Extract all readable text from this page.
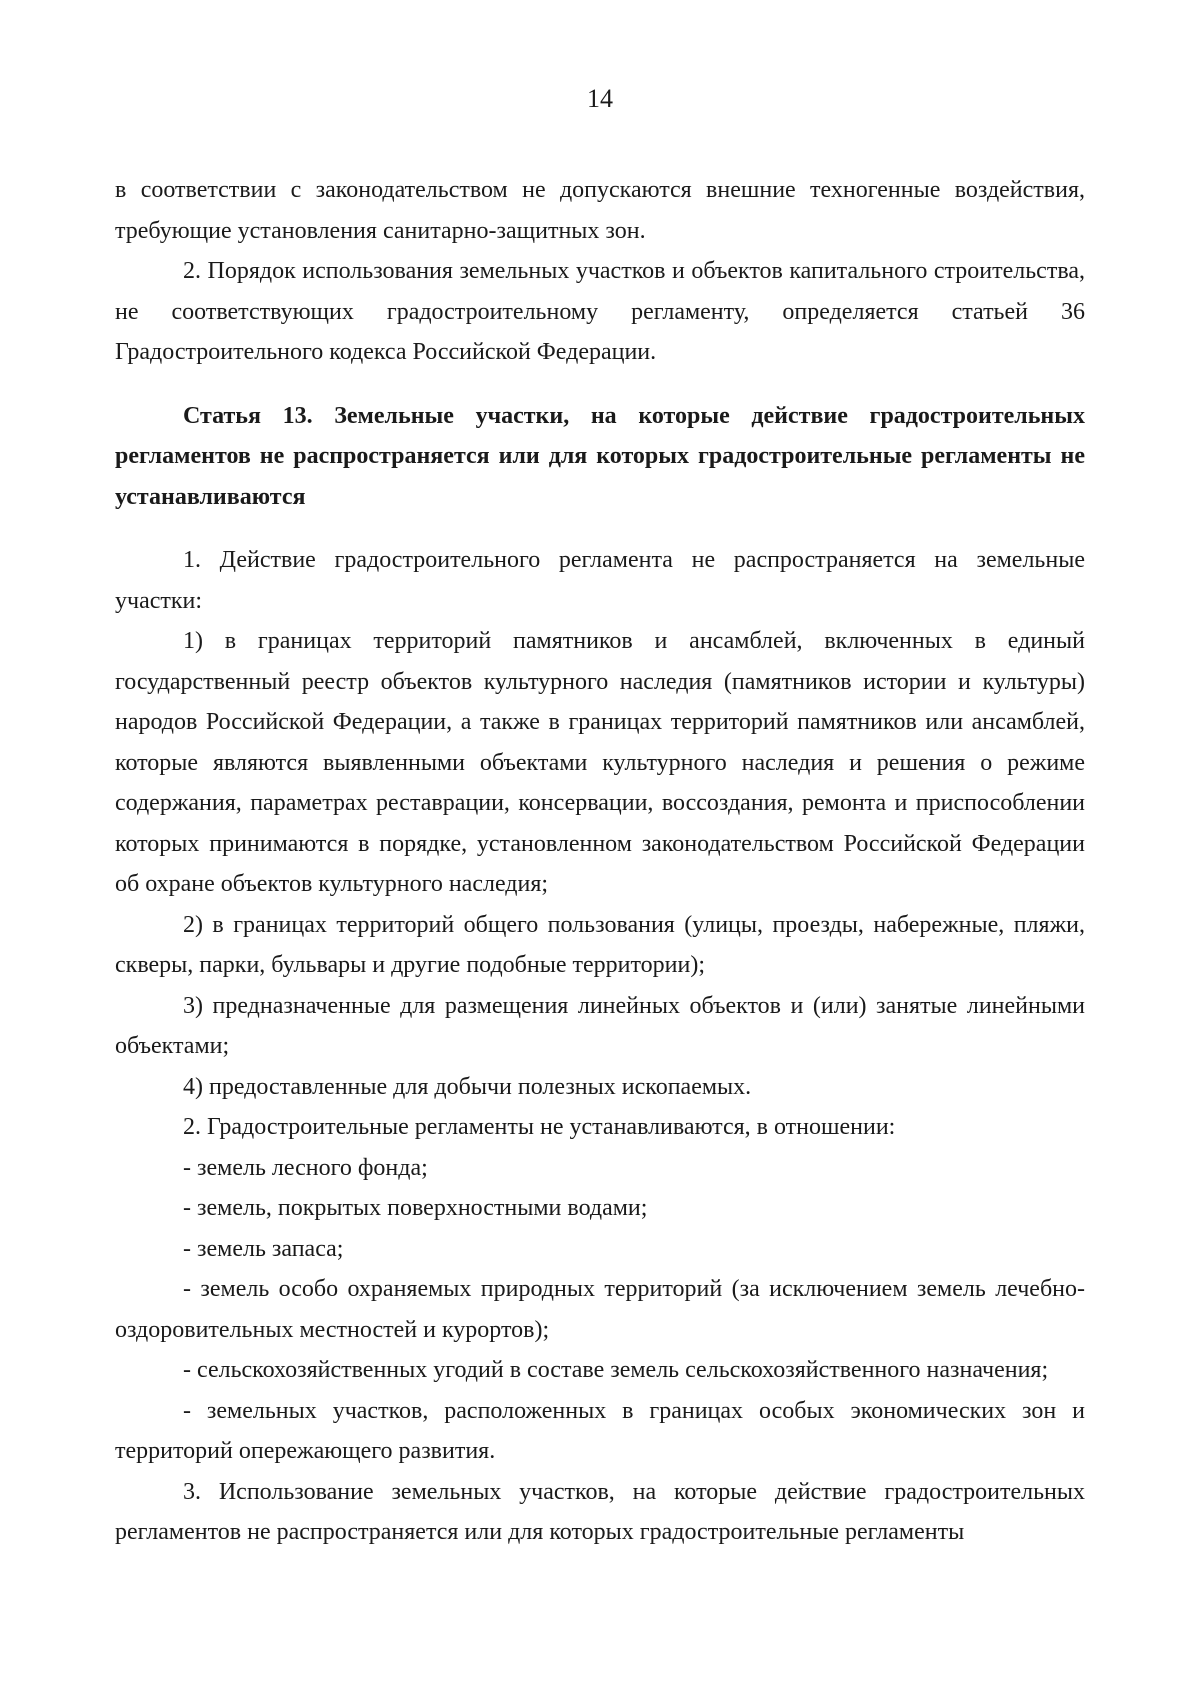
14

в соответствии с законодательством не допускаются внешние техногенные воздействия, требующие установления санитарно-защитных зон.

2. Порядок использования земельных участков и объектов капитального строительства, не соответствующих градостроительному регламенту, определяется статьей 36 Градостроительного кодекса Российской Федерации.

Статья 13. Земельные участки, на которые действие градостроительных регламентов не распространяется или для которых градостроительные регламенты не устанавливаются

1. Действие градостроительного регламента не распространяется на земельные участки:

1) в границах территорий памятников и ансамблей, включенных в единый государственный реестр объектов культурного наследия (памятников истории и культуры) народов Российской Федерации, а также в границах территорий памятников или ансамблей, которые являются выявленными объектами культурного наследия и решения о режиме содержания, параметрах реставрации, консервации, воссоздания, ремонта и приспособлении которых принимаются в порядке, установленном законодательством Российской Федерации об охране объектов культурного наследия;

2) в границах территорий общего пользования (улицы, проезды, набережные, пляжи, скверы, парки, бульвары и другие подобные территории);

3) предназначенные для размещения линейных объектов и (или) занятые линейными объектами;

4) предоставленные для добычи полезных ископаемых.

2. Градостроительные регламенты не устанавливаются, в отношении:

- земель лесного фонда;

- земель, покрытых поверхностными водами;

- земель запаса;

- земель особо охраняемых природных территорий (за исключением земель лечебно-оздоровительных местностей и курортов);

- сельскохозяйственных угодий в составе земель сельскохозяйственного назначения;

- земельных участков, расположенных в границах особых экономических зон и территорий опережающего развития.

3. Использование земельных участков, на которые действие градостроительных регламентов не распространяется или для которых градостроительные регламенты
